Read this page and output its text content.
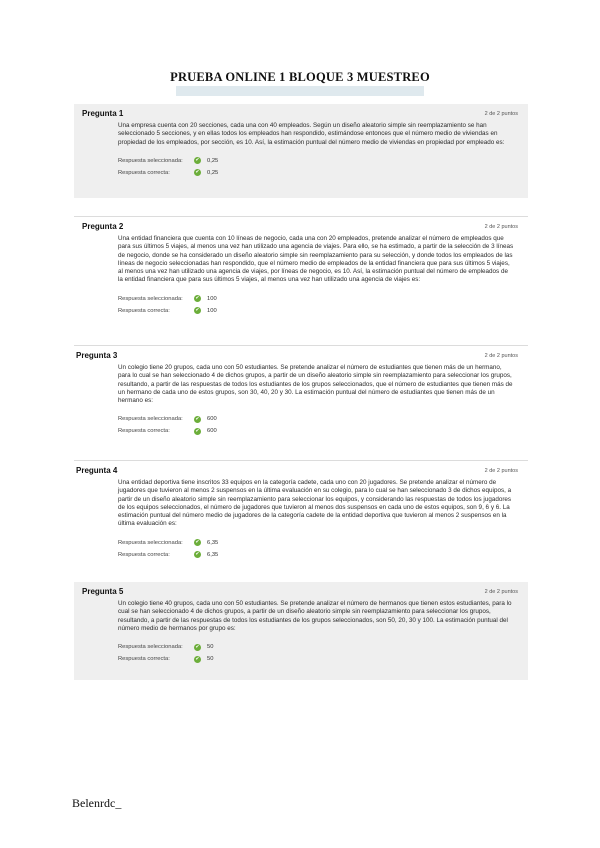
PRUEBA ONLINE 1 BLOQUE 3 MUESTREO
Pregunta 1	2 de 2 puntos
Una empresa cuenta con 20 secciones, cada una con 40 empleados. Según un diseño aleatorio simple sin reemplazamiento se han seleccionado 5 secciones, y en ellas todos los empleados han respondido, estimándose entonces que el número medio de viviendas en propiedad de los empleados, por sección, es 10. Así, la estimación puntual del número medio de viviendas en propiedad por empleado es:
Respuesta seleccionada:	✔ 0,25
Respuesta correcta:	✔ 0,25
Pregunta 2	2 de 2 puntos
Una entidad financiera que cuenta con 10 líneas de negocio, cada una con 20 empleados, pretende analizar el número de empleados que para sus últimos 5 viajes, al menos una vez han utilizado una agencia de viajes. Para ello, se ha estimado, a partir de la selección de 3 líneas de negocio, donde se ha considerado un diseño aleatorio simple sin reemplazamiento para su selección, y donde todos los empleados de las líneas de negocio seleccionadas han respondido, que el número medio de empleados de la entidad financiera que para sus últimos 5 viajes, al menos una vez han utilizado una agencia de viajes, por líneas de negocio, es 10. Así, la estimación puntual del número de empleados de la entidad financiera que para sus últimos 5 viajes, al menos una vez han utilizado una agencia de viajes es:
Respuesta seleccionada:	✔ 100
Respuesta correcta:	✔ 100
Pregunta 3	2 de 2 puntos
Un colegio tiene 20 grupos, cada uno con 50 estudiantes. Se pretende analizar el número de estudiantes que tienen más de un hermano, para lo cual se han seleccionado 4 de dichos grupos, a partir de un diseño aleatorio simple sin reemplazamiento para seleccionar los grupos, resultando, a partir de las respuestas de todos los estudiantes de los grupos seleccionados, que el número de estudiantes que tienen más de un hermano de cada uno de estos grupos, son 30, 40, 20 y 30. La estimación puntual del número de estudiantes que tienen más de un hermano es:
Respuesta seleccionada:	✔ 600
Respuesta correcta:	✔ 600
Pregunta 4	2 de 2 puntos
Una entidad deportiva tiene inscritos 33 equipos en la categoría cadete, cada uno con 20 jugadores. Se pretende analizar el número de jugadores que tuvieron al menos 2 suspensos en la última evaluación en su colegio, para lo cual se han seleccionado 3 de dichos equipos, a partir de un diseño aleatorio simple sin reemplazamiento para seleccionar los equipos, y considerando las respuestas de todos los jugadores de los equipos seleccionados, el número de jugadores que tuvieron al menos dos suspensos en cada uno de estos equipos, son 9, 6 y 6. La estimación puntual del número medio de jugadores de la categoría cadete de la entidad deportiva que tuvieron al menos 2 suspensos en la última evaluación es:
Respuesta seleccionada:	✔ 6,35
Respuesta correcta:	✔ 6,35
Pregunta 5	2 de 2 puntos
Un colegio tiene 40 grupos, cada uno con 50 estudiantes. Se pretende analizar el número de hermanos que tienen estos estudiantes, para lo cual se han seleccionado 4 de dichos grupos, a partir de un diseño aleatorio simple sin reemplazamiento para seleccionar los grupos, resultando, a partir de las respuestas de todos los estudiantes de los grupos seleccionados, son 50, 20, 30 y 100. La estimación puntual del número medio de hermanos por grupo es:
Respuesta seleccionada:	✔ 50
Respuesta correcta:	✔ 50
Belenrdc_
